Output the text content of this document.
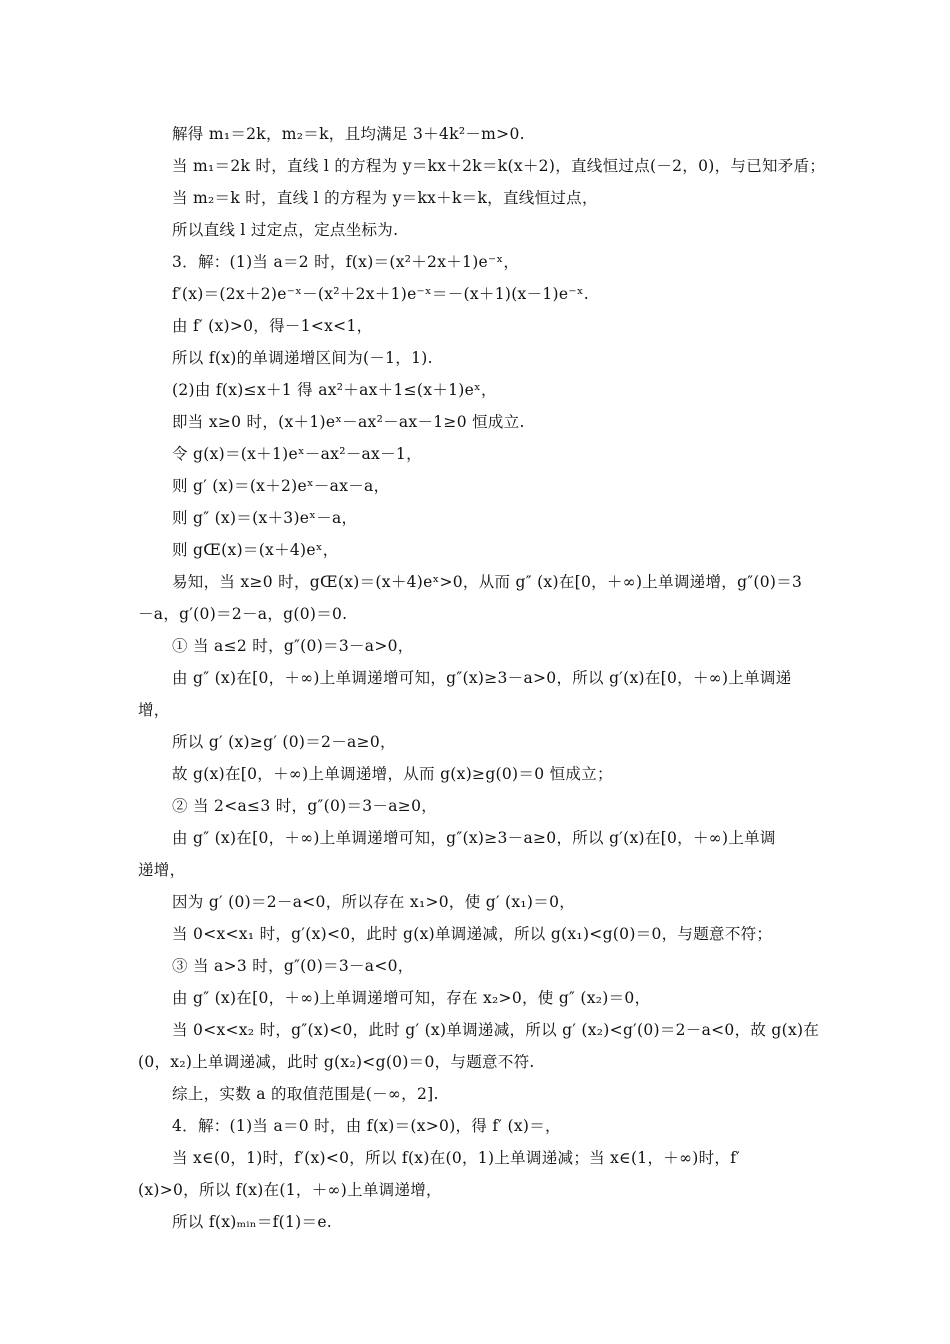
解得 m₁＝2k，m₂＝k，且均满足 3＋4k²－m>0.
当 m₁＝2k 时，直线 l 的方程为 y＝kx＋2k＝k(x＋2)，直线恒过点(－2，0)，与已知矛盾；
当 m₂＝k 时，直线 l 的方程为 y＝kx＋k＝k，直线恒过点，
所以直线 l 过定点，定点坐标为.
3．解：(1)当 a＝2 时，f(x)＝(x²＋2x＋1)e⁻ˣ，
f′(x)＝(2x＋2)e⁻ˣ－(x²＋2x＋1)e⁻ˣ＝－(x＋1)(x－1)e⁻ˣ.
由 f′ (x)>0，得－1<x<1，
所以 f(x)的单调递增区间为(－1，1).
(2)由 f(x)≤x＋1 得 ax²＋ax＋1≤(x＋1)eˣ，
即当 x≥0 时，(x＋1)eˣ－ax²－ax－1≥0 恒成立.
令 g(x)＝(x＋1)eˣ－ax²－ax－1，
则 g′ (x)＝(x＋2)eˣ－ax－a，
则 g″ (x)＝(x＋3)eˣ－a，
则 gŒ(x)＝(x＋4)eˣ，
易知，当 x≥0 时，gŒ(x)＝(x＋4)eˣ>0，从而 g″ (x)在[0，＋∞)上单调递增，g″(0)＝3
－a，g′(0)＝2－a，g(0)＝0.
① 当 a≤2 时，g″(0)＝3－a>0，
由 g″ (x)在[0，＋∞)上单调递增可知，g″(x)≥3－a>0，所以 g′(x)在[0，＋∞)上单调递
增，
所以 g′ (x)≥g′ (0)＝2－a≥0，
故 g(x)在[0，＋∞)上单调递增，从而 g(x)≥g(0)＝0 恒成立；
② 当 2<a≤3 时，g″(0)＝3－a≥0，
由 g″ (x)在[0，＋∞)上单调递增可知，g″(x)≥3－a≥0，所以 g′(x)在[0，＋∞)上单调
递增，
因为 g′ (0)＝2－a<0，所以存在 x₁>0，使 g′ (x₁)＝0，
当 0<x<x₁ 时，g′(x)<0，此时 g(x)单调递减，所以 g(x₁)<g(0)＝0，与题意不符；
③ 当 a>3 时，g″(0)＝3－a<0，
由 g″ (x)在[0，＋∞)上单调递增可知，存在 x₂>0，使 g″ (x₂)＝0，
当 0<x<x₂ 时，g″(x)<0，此时 g′ (x)单调递减，所以 g′ (x₂)<g′(0)＝2－a<0，故 g(x)在
(0，x₂)上单调递减，此时 g(x₂)<g(0)＝0，与题意不符.
综上，实数 a 的取值范围是(－∞，2].
4．解：(1)当 a＝0 时，由 f(x)＝(x>0)，得 f′ (x)＝，
当 x∈(0，1)时，f′(x)<0，所以 f(x)在(0，1)上单调递减；当 x∈(1，＋∞)时，f′
(x)>0，所以 f(x)在(1，＋∞)上单调递增，
所以 f(x)ₘᵢₙ＝f(1)＝e.
